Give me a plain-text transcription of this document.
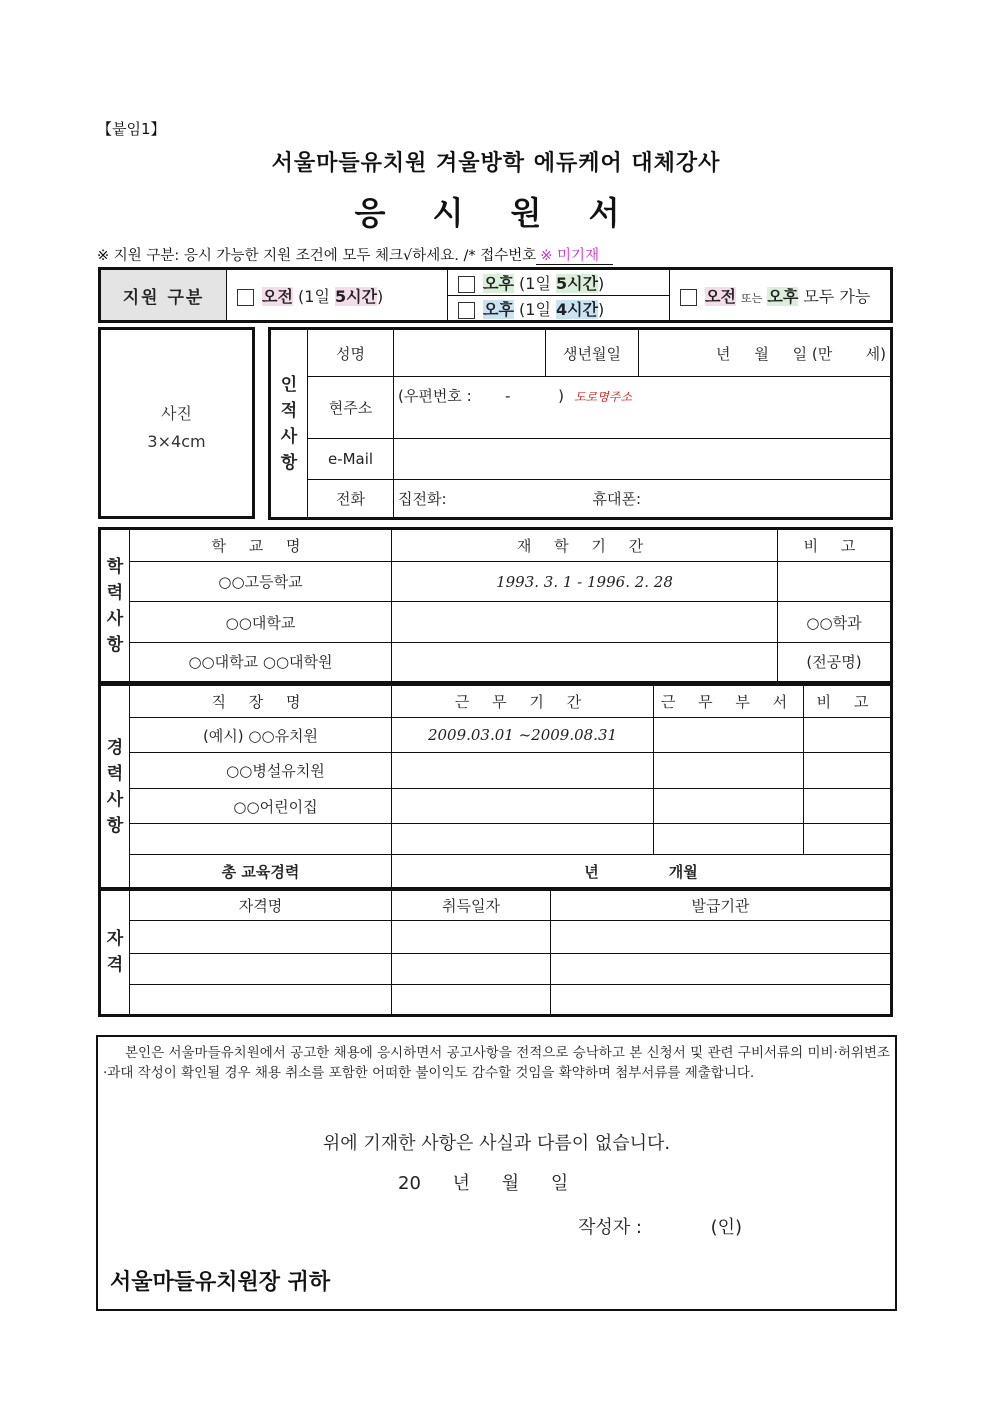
【붙임1】
서울마들유치원 겨울방학 에듀케어 대체강사
응 시 원 서
※ 지원 구분: 응시 가능한 지원 조건에 모두 체크√하세요. /* 접수번호 ※ 미기재
지원 구분	오전 (1일 5시간)	오후 (1일 5시간)	오전 또는 오후 모두 가능
오후 (1일 4시간)
사진
3×4cm
인
적
사
항	성명		생년월일	년     월     일 (만       세)
현주소	(우편번호 :       -          ) 도로명주소
e-Mail	
전화	집전화:	휴대폰:
학
력
사
항	학 교 명	재 학 기 간	비 고
	○○고등학교	1993. 3. 1 - 1996. 2. 28	
	○○대학교		○○학과
	○○대학교 ○○대학원		(전공명)
경
력
사
항	직 장 명	근 무 기 간	근 무 부 서	비 고
	(예시) ○○유치원	2009.03.01 ~2009.08.31		
	○○병설유치원			
	○○어린이집			

	총 교육경력	년 개월		
자
격	자격명	취득일자	발급기관

본인은 서울마들유치원에서 공고한 채용에 응시하면서 공고사항을 전적으로 승낙하고 본 신청서 및 관련 구비서류의 미비·허위변조·과대 작성이 확인될 경우 채용 취소를 포함한 어떠한 불이익도 감수할 것임을 확약하며 첨부서류를 제출합니다.
위에 기재한 사항은 사실과 다름이 없습니다.
20 년 월 일
작성자 :            (인)
서울마들유치원장 귀하
